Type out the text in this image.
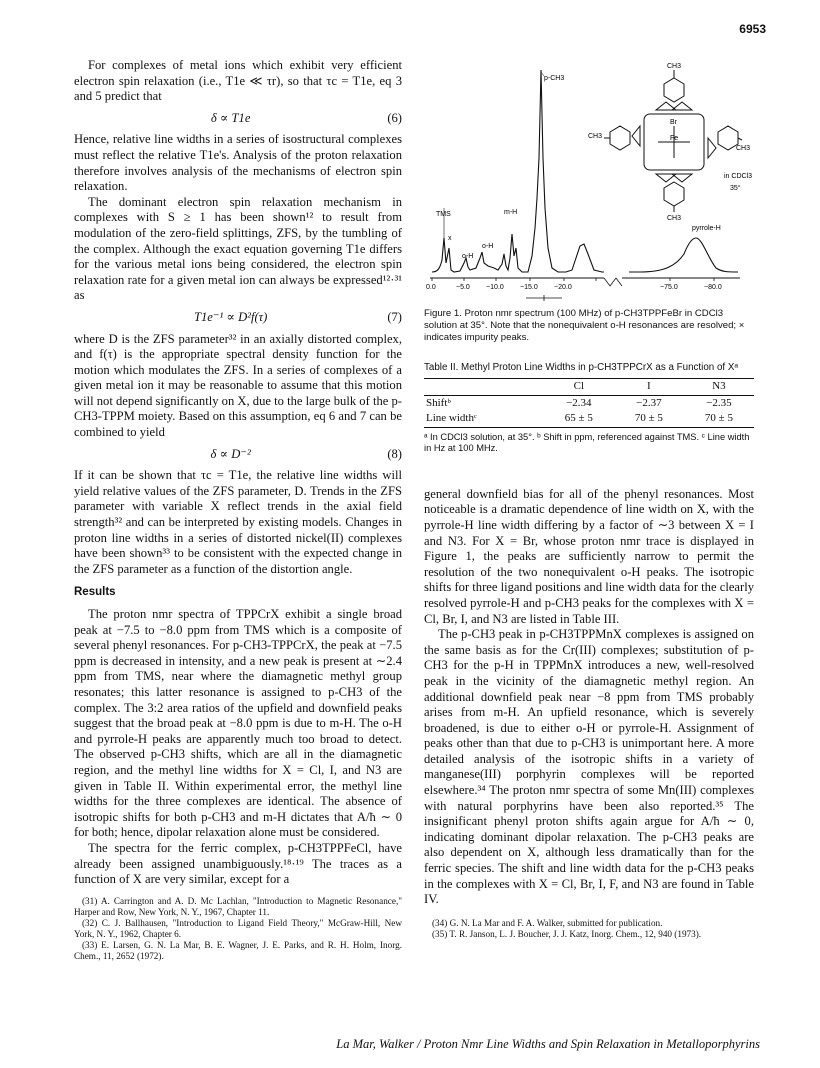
6953

For complexes of metal ions which exhibit very efficient electron spin relaxation (i.e., T1e ≪ τr), so that τc = T1e, eq 3 and 5 predict that

δ ∝ T1e	(6)

Hence, relative line widths in a series of isostructural complexes must reflect the relative T1e's. Analysis of the proton relaxation therefore involves analysis of the mechanisms of electron spin relaxation.

The dominant electron spin relaxation mechanism in complexes with S ≥ 1 has been shown¹² to result from modulation of the zero-field splittings, ZFS, by the tumbling of the complex. Although the exact equation governing T1e differs for the various metal ions being considered, the electron spin relaxation rate for a given metal ion can always be expressed¹²·³¹ as

T1e⁻¹ ∝ D²f(τ)	(7)

where D is the ZFS parameter³² in an axially distorted complex, and f(τ) is the appropriate spectral density function for the motion which modulates the ZFS. In a series of complexes of a given metal ion it may be reasonable to assume that this motion will not depend significantly on X, due to the large bulk of the p-CH3-TPPM moiety. Based on this assumption, eq 6 and 7 can be combined to yield

δ ∝ D⁻²	(8)

If it can be shown that τc = T1e, the relative line widths will yield relative values of the ZFS parameter, D. Trends in the ZFS parameter with variable X reflect trends in the axial field strength³² and can be interpreted by existing models. Changes in proton line widths in a series of distorted nickel(II) complexes have been shown³³ to be consistent with the expected change in the ZFS parameter as a function of the distortion angle.

Results

The proton nmr spectra of TPPCrX exhibit a single broad peak at −7.5 to −8.0 ppm from TMS which is a composite of several phenyl resonances. For p-CH3-TPPCrX, the peak at −7.5 ppm is decreased in intensity, and a new peak is present at ∼2.4 ppm from TMS, near where the diamagnetic methyl group resonates; this latter resonance is assigned to p-CH3 of the complex. The 3:2 area ratios of the upfield and downfield peaks suggest that the broad peak at −8.0 ppm is due to m-H. The o-H and pyrrole-H peaks are apparently much too broad to detect. The observed p-CH3 shifts, which are all in the diamagnetic region, and the methyl line widths for X = Cl, I, and N3 are given in Table II. Within experimental error, the methyl line widths for the three complexes are identical. The absence of isotropic shifts for both p-CH3 and m-H dictates that A/ħ ∼ 0 for both; hence, dipolar relaxation alone must be considered.

The spectra for the ferric complex, p-CH3TPPFeCl, have already been assigned unambiguously.¹⁸·¹⁹ The traces as a function of X are very similar, except for a

(31) A. Carrington and A. D. Mc Lachlan, "Introduction to Magnetic Resonance," Harper and Row, New York, N. Y., 1967, Chapter 11.
(32) C. J. Ballhausen, "Introduction to Ligand Field Theory," McGraw-Hill, New York, N. Y., 1962, Chapter 6.
(33) E. Larsen, G. N. La Mar, B. E. Wagner, J. E. Parks, and R. H. Holm, Inorg. Chem., 11, 2652 (1972).
0.0	−5.0 −10.0 −15.0 −20.0	−75.0	−80.0
p-CH3
TMS	m-H
o-H
o-H
x
pyrrole-H
in CDCl3
35°
CH3
CH3
CH3
CH3
Br
Fe
Figure 1. Proton nmr spectrum (100 MHz) of p-CH3TPPFeBr in CDCl3 solution at 35°. Note that the nonequivalent o-H resonances are resolved; × indicates impurity peaks.
Table II. Methyl Proton Line Widths in p-CH3TPPCrX as a Function of Xᵃ
	Cl	I	N3
Shiftᵇ	−2.34	−2.37	−2.35
Line widthᶜ	65 ± 5	70 ± 5	70 ± 5
ᵃ In CDCl3 solution, at 35°. ᵇ Shift in ppm, referenced against TMS. ᶜ Line width in Hz at 100 MHz.

general downfield bias for all of the phenyl resonances. Most noticeable is a dramatic dependence of line width on X, with the pyrrole-H line width differing by a factor of ∼3 between X = I and N3. For X = Br, whose proton nmr trace is displayed in Figure 1, the peaks are sufficiently narrow to permit the resolution of the two nonequivalent o-H peaks. The isotropic shifts for three ligand positions and line width data for the clearly resolved pyrrole-H and p-CH3 peaks for the complexes with X = Cl, Br, I, and N3 are listed in Table III.

The p-CH3 peak in p-CH3TPPMnX complexes is assigned on the same basis as for the Cr(III) complexes; substitution of p-CH3 for the p-H in TPPMnX introduces a new, well-resolved peak in the vicinity of the diamagnetic methyl region. An additional downfield peak near −8 ppm from TMS probably arises from m-H. An upfield resonance, which is severely broadened, is due to either o-H or pyrrole-H. Assignment of peaks other than that due to p-CH3 is unimportant here. A more detailed analysis of the isotropic shifts in a variety of manganese(III) porphyrin complexes will be reported elsewhere.³⁴ The proton nmr spectra of some Mn(III) complexes with natural porphyrins have been also reported.³⁵ The insignificant phenyl proton shifts again argue for A/ħ ∼ 0, indicating dominant dipolar relaxation. The p-CH3 peaks are also dependent on X, although less dramatically than for the ferric species. The shift and line width data for the p-CH3 peaks in the complexes with X = Cl, Br, I, F, and N3 are found in Table IV.

(34) G. N. La Mar and F. A. Walker, submitted for publication.
(35) T. R. Janson, L. J. Boucher, J. J. Katz, Inorg. Chem., 12, 940 (1973).
La Mar, Walker / Proton Nmr Line Widths and Spin Relaxation in Metalloporphyrins
